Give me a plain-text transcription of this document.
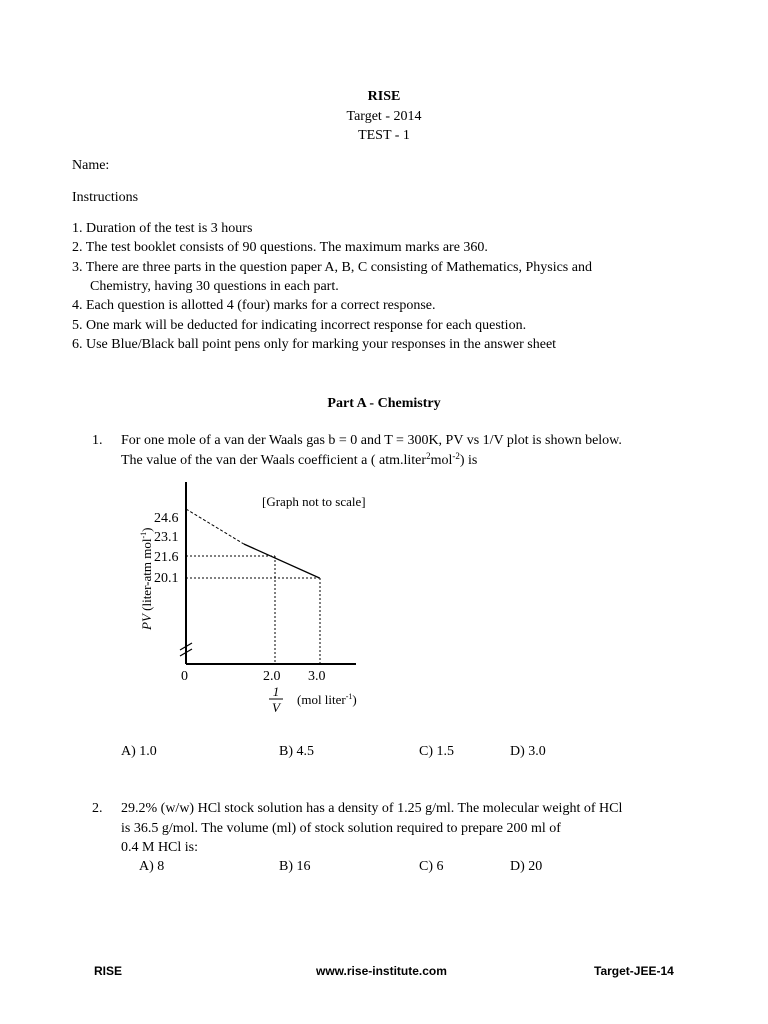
RISE
Target - 2014
TEST - 1
Name:
Instructions
1. Duration of the test is 3 hours
2. The test booklet consists of 90 questions. The maximum marks are 360.
3. There are three parts in the question paper A, B, C consisting of Mathematics, Physics and
Chemistry, having 30 questions in each part.
4. Each question is allotted 4 (four) marks for a correct response.
5. One mark will be deducted for indicating incorrect response for each question.
6. Use Blue/Black ball point pens only for marking your responses in the answer sheet
Part A - Chemistry
1. For one mole of a van der Waals gas b = 0 and T = 300K, PV vs 1/V plot is shown below.
The value of the van der Waals coefficient a ( atm.liter$^2$mol$^{-2}$) is
[Graph not to scale]
24.6
23.1
21.6
20.1
0	2.0 3.0
1
V
(mol liter$^{-1}$)
PV (liter-atm mol$^{-1}$)
A) 1.0	B) 4.5	C) 1.5	D) 3.0
2. 29.2% (w/w) HCl stock solution has a density of 1.25 g/ml. The molecular weight of HCl
is 36.5 g/mol. The volume (ml) of stock solution required to prepare 200 ml of
0.4 M HCl is:
A) 8	B) 16	C) 6	D) 20
RISE	www.rise-institute.com	Target-JEE-14
